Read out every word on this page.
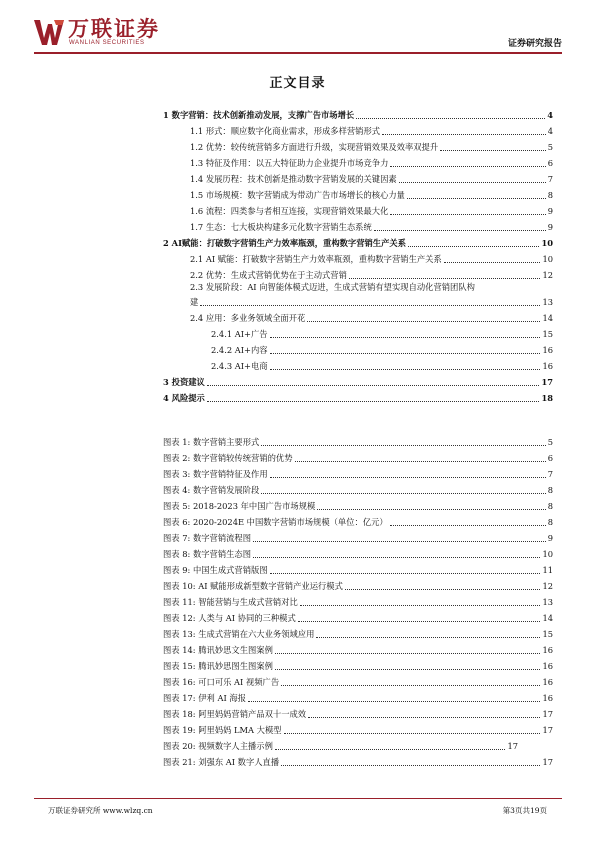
万联证券
WANLIAN SECURITIES	证券研究报告
正文目录
1 数字营销：技术创新推动发展，支撑广告市场增长	4
1.1 形式：顺应数字化商业需求，形成多样营销形式	4
1.2 优势：较传统营销多方面进行升级，实现营销效果及效率双提升	5
1.3 特征及作用：以五大特征助力企业提升市场竞争力	6
1.4 发展历程：技术创新是推动数字营销发展的关键因素	7
1.5 市场规模：数字营销成为带动广告市场增长的核心力量	8
1.6 流程：四类参与者相互连接，实现营销效果最大化	9
1.7 生态：七大板块构建多元化数字营销生态系统	9
2 AI赋能：打破数字营销生产力效率瓶颈，重构数字营销生产关系	10
2.1 AI 赋能：打破数字营销生产力效率瓶颈，重构数字营销生产关系	10
2.2 优势：生成式营销优势在于主动式营销	12
2.3 发展阶段：AI 向智能体模式迈进，生成式营销有望实现自动化营销团队构
建	13
2.4 应用：多业务领域全面开花	14
2.4.1 AI+广告	15
2.4.2 AI+内容	16
2.4.3 AI+电商	16
3 投资建议	17
4 风险提示	18
图表 1: 数字营销主要形式	5
图表 2: 数字营销较传统营销的优势	6
图表 3: 数字营销特征及作用	7
图表 4: 数字营销发展阶段	8
图表 5: 2018-2023 年中国广告市场规模	8
图表 6: 2020-2024E 中国数字营销市场规模（单位：亿元）	8
图表 7: 数字营销流程图	9
图表 8: 数字营销生态图	10
图表 9: 中国生成式营销版图	11
图表 10: AI 赋能形成新型数字营销产业运行模式	12
图表 11: 智能营销与生成式营销对比	13
图表 12: 人类与 AI 协同的三种模式	14
图表 13: 生成式营销在六大业务领域应用	15
图表 14: 腾讯妙思文生图案例	16
图表 15: 腾讯妙思图生图案例	16
图表 16: 可口可乐 AI 视频广告	16
图表 17: 伊利 AI 海报	16
图表 18: 阿里妈妈营销产品双十一成效	17
图表 19: 阿里妈妈 LMA 大模型	17
图表 20: 视频数字人主播示例	17
图表 21: 刘强东 AI 数字人直播	17
万联证券研究所 www.wlzq.cn	第3页共19页
